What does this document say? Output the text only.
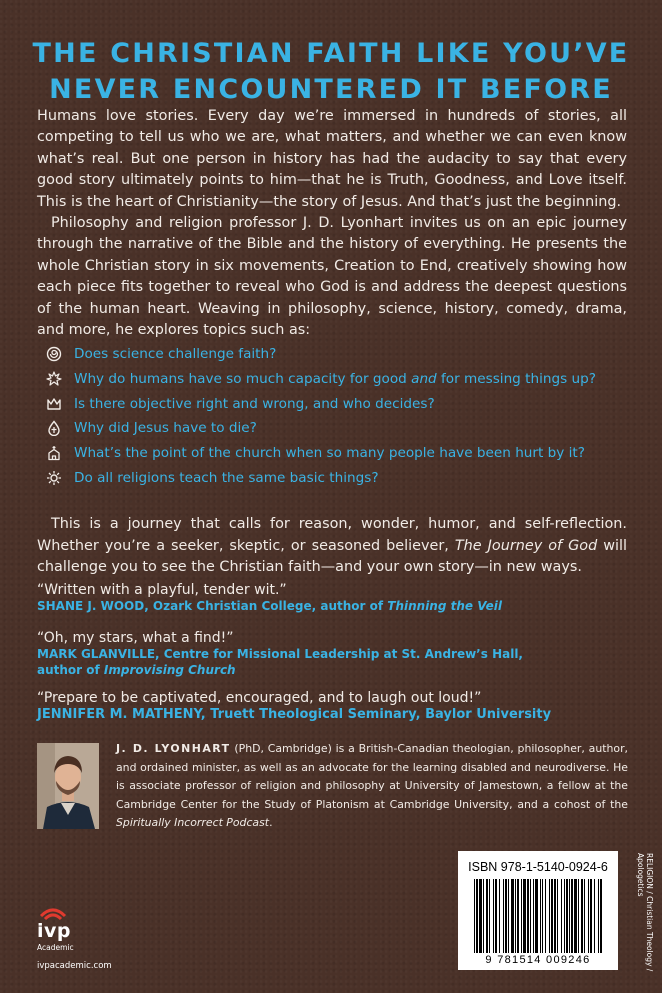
THE CHRISTIAN FAITH LIKE YOU’VE
NEVER ENCOUNTERED IT BEFORE

Humans love stories. Every day we’re immersed in hundreds of stories, all competing to tell us who we are, what matters, and whether we can even know what’s real. But one person in history has had the audacity to say that every good story ultimately points to him—that he is Truth, Goodness, and Love itself. This is the heart of Christianity—the story of Jesus. And that’s just the beginning.

Philosophy and religion professor J. D. Lyonhart invites us on an epic journey through the narrative of the Bible and the history of everything. He presents the whole Christian story in six movements, Creation to End, creatively showing how each piece fits together to reveal who God is and address the deepest questions of the human heart. Weaving in philosophy, science, history, comedy, drama, and more, he explores topics such as:

Does science challenge faith?
Why do humans have so much capacity for good and for messing things up?
Is there objective right and wrong, and who decides?
Why did Jesus have to die?
What’s the point of the church when so many people have been hurt by it?
Do all religions teach the same basic things?

This is a journey that calls for reason, wonder, humor, and self-reflection. Whether you’re a seeker, skeptic, or seasoned believer, The Journey of God will challenge you to see the Christian faith—and your own story—in new ways.

“Written with a playful, tender wit.”
SHANE J. WOOD, Ozark Christian College, author of Thinning the Veil
“Oh, my stars, what a find!”
MARK GLANVILLE, Centre for Missional Leadership at St. Andrew’s Hall,
author of Improvising Church
“Prepare to be captivated, encouraged, and to laugh out loud!”
JENNIFER M. MATHENY, Truett Theological Seminary, Baylor University

J. D. LYONHART (PhD, Cambridge) is a British-Canadian theologian, philosopher, author, and ordained minister, as well as an advocate for the learning disabled and neurodiverse. He is associate professor of religion and philosophy at University of Jamestown, a fellow at the Cambridge Center for the Study of Platonism at Cambridge University, and a cohost of the Spiritually Incorrect Podcast.

ivp
Academic
ivpacademic.com
ISBN 978-1-5140-0924-6
9 781514 009246	RELIGION / Christian Theology /
Apologetics
